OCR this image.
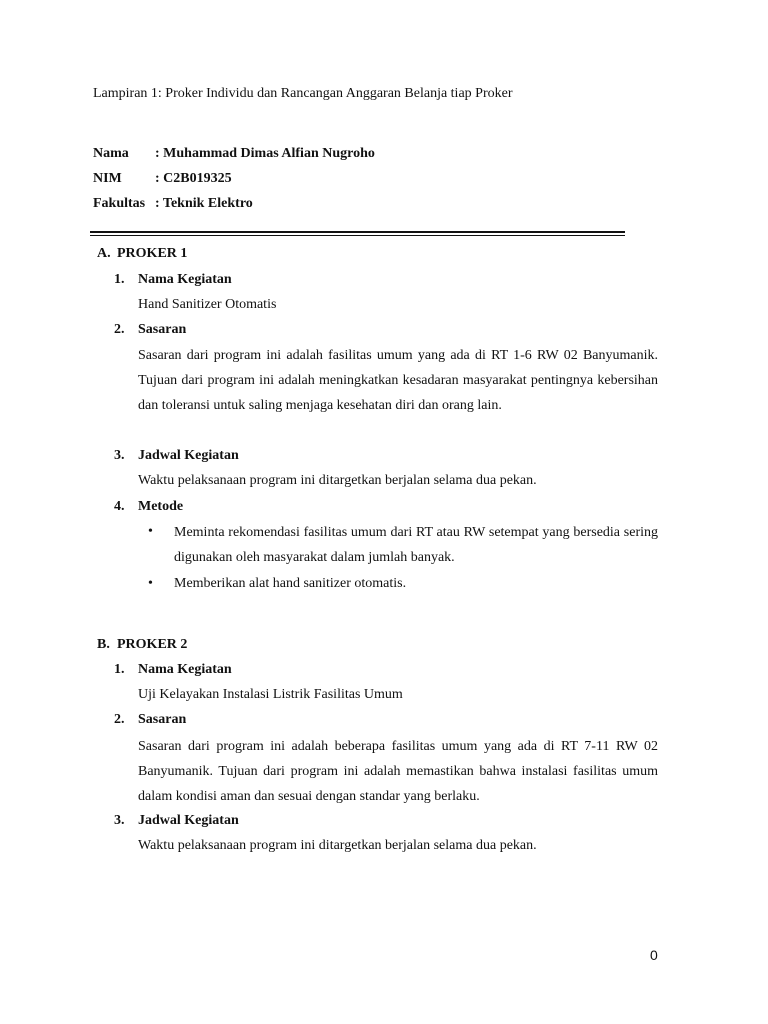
Lampiran 1: Proker Individu dan Rancangan Anggaran Belanja tiap Proker
Nama : Muhammad Dimas Alfian Nugroho
NIM : C2B019325
Fakultas : Teknik Elektro
A. PROKER 1
1. Nama Kegiatan
Hand Sanitizer Otomatis
2. Sasaran
Sasaran dari program ini adalah fasilitas umum yang ada di RT 1-6 RW 02 Banyumanik. Tujuan dari program ini adalah meningkatkan kesadaran masyarakat pentingnya kebersihan dan toleransi untuk saling menjaga kesehatan diri dan orang lain.
3. Jadwal Kegiatan
Waktu pelaksanaan program ini ditargetkan berjalan selama dua pekan.
4. Metode
• Meminta rekomendasi fasilitas umum dari RT atau RW setempat yang bersedia sering digunakan oleh masyarakat dalam jumlah banyak.
• Memberikan alat hand sanitizer otomatis.
B. PROKER 2
1. Nama Kegiatan
Uji Kelayakan Instalasi Listrik Fasilitas Umum
2. Sasaran
Sasaran dari program ini adalah beberapa fasilitas umum yang ada di RT 7-11 RW 02 Banyumanik. Tujuan dari program ini adalah memastikan bahwa instalasi fasilitas umum dalam kondisi aman dan sesuai dengan standar yang berlaku.
3. Jadwal Kegiatan
Waktu pelaksanaan program ini ditargetkan berjalan selama dua pekan.
0
